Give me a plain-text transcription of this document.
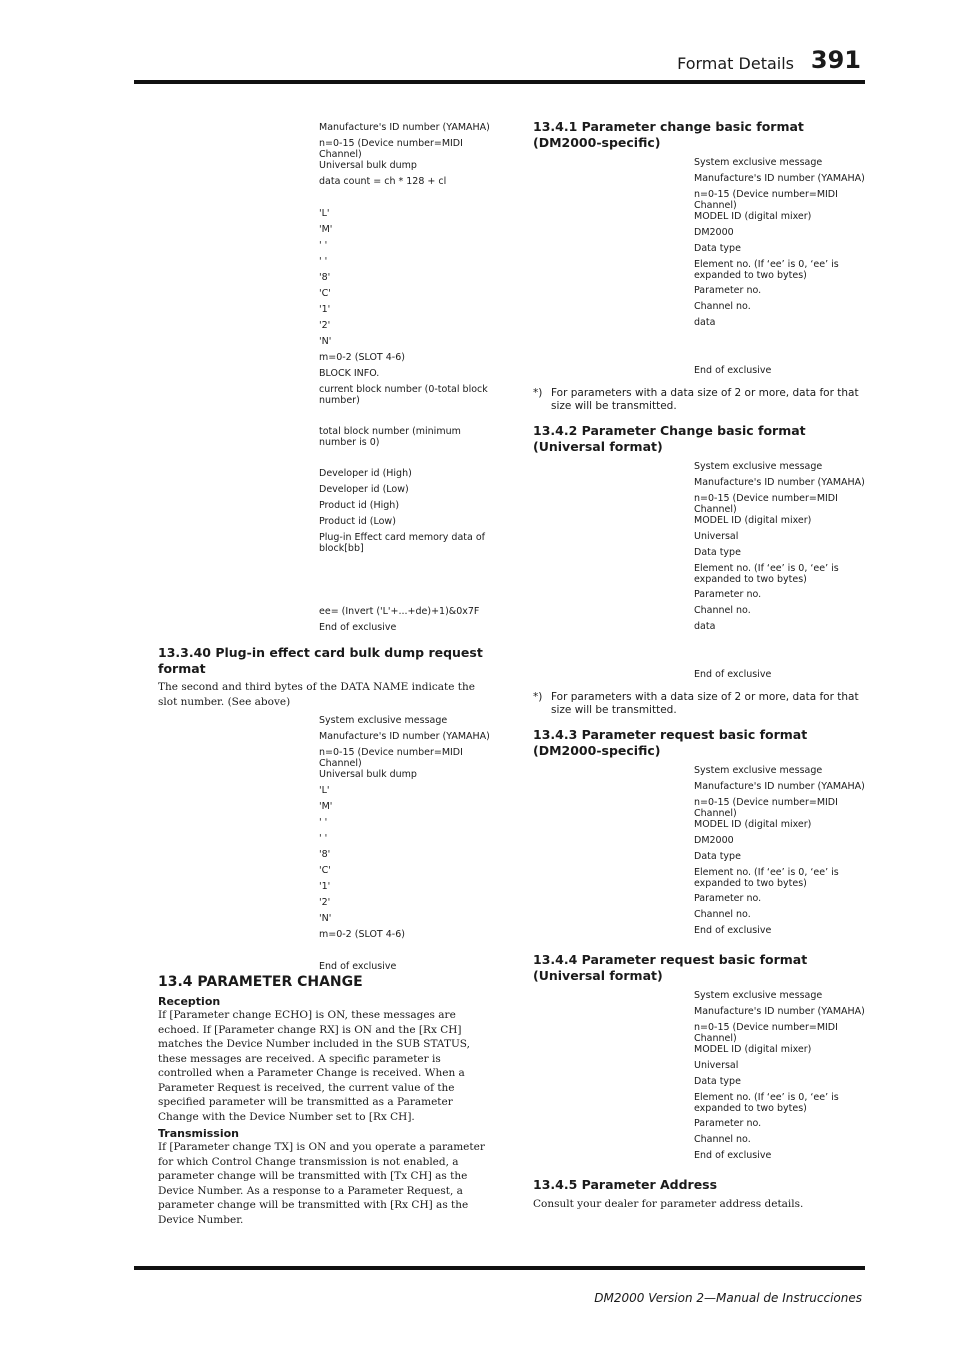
Format Details 391
Manufacture's ID number (YAMAHA)
n=0-15 (Device number=MIDI Channel)
Universal bulk dump
data count = ch * 128 + cl
'L'
'M'
' '
' '
'8'
'C'
'1'
'2'
'N'
m=0-2 (SLOT 4-6)
BLOCK INFO.
current block number (0-total block number)
total block number (minimum number is 0)
Developer id (High)
Developer id (Low)
Product id (High)
Product id (Low)
Plug-in Effect card memory data of block[bb]
ee= (Invert ('L'+...+de)+1)&0x7F
End of exclusive
13.3.40 Plug-in effect card bulk dump request format

The second and third bytes of the DATA NAME indicate the slot number. (See above)

System exclusive message
Manufacture's ID number (YAMAHA)
n=0-15 (Device number=MIDI Channel)
Universal bulk dump
'L'
'M'
' '
' '
'8'
'C'
'1'
'2'
'N'
m=0-2 (SLOT 4-6)
End of exclusive
13.4 PARAMETER CHANGE
Reception

If [Parameter change ECHO] is ON, these messages are echoed. If [Parameter change RX] is ON and the [Rx CH] matches the Device Number included in the SUB STATUS, these messages are received. A specific parameter is controlled when a Parameter Change is received. When a Parameter Request is received, the current value of the specified parameter will be transmitted as a Parameter Change with the Device Number set to [Rx CH].

Transmission

If [Parameter change TX] is ON and you operate a parameter for which Control Change transmission is not enabled, a parameter change will be transmitted with [Tx CH] as the Device Number. As a response to a Parameter Request, a parameter change will be transmitted with [Rx CH] as the Device Number.

13.4.1 Parameter change basic format
(DM2000-specific)
System exclusive message
Manufacture's ID number (YAMAHA)
n=0-15 (Device number=MIDI Channel)
MODEL ID (digital mixer)
DM2000
Data type
Element no. (If ‘ee’ is 0, ‘ee’ is expanded to two bytes)
Parameter no.
Channel no.
data
End of exclusive
*) For parameters with a data size of 2 or more, data for that size will be transmitted.
13.4.2 Parameter Change basic format
(Universal format)
System exclusive message
Manufacture's ID number (YAMAHA)
n=0-15 (Device number=MIDI Channel)
MODEL ID (digital mixer)
Universal
Data type
Element no. (If ‘ee’ is 0, ‘ee’ is expanded to two bytes)
Parameter no.
Channel no.
data
End of exclusive
*) For parameters with a data size of 2 or more, data for that size will be transmitted.
13.4.3 Parameter request basic format
(DM2000-specific)
System exclusive message
Manufacture's ID number (YAMAHA)
n=0-15 (Device number=MIDI Channel)
MODEL ID (digital mixer)
DM2000
Data type
Element no. (If ‘ee’ is 0, ‘ee’ is expanded to two bytes)
Parameter no.
Channel no.
End of exclusive
13.4.4 Parameter request basic format
(Universal format)
System exclusive message
Manufacture's ID number (YAMAHA)
n=0-15 (Device number=MIDI Channel)
MODEL ID (digital mixer)
Universal
Data type
Element no. (If ‘ee’ is 0, ‘ee’ is expanded to two bytes)
Parameter no.
Channel no.
End of exclusive
13.4.5 Parameter Address

Consult your dealer for parameter address details.

DM2000 Version 2—Manual de Instrucciones
